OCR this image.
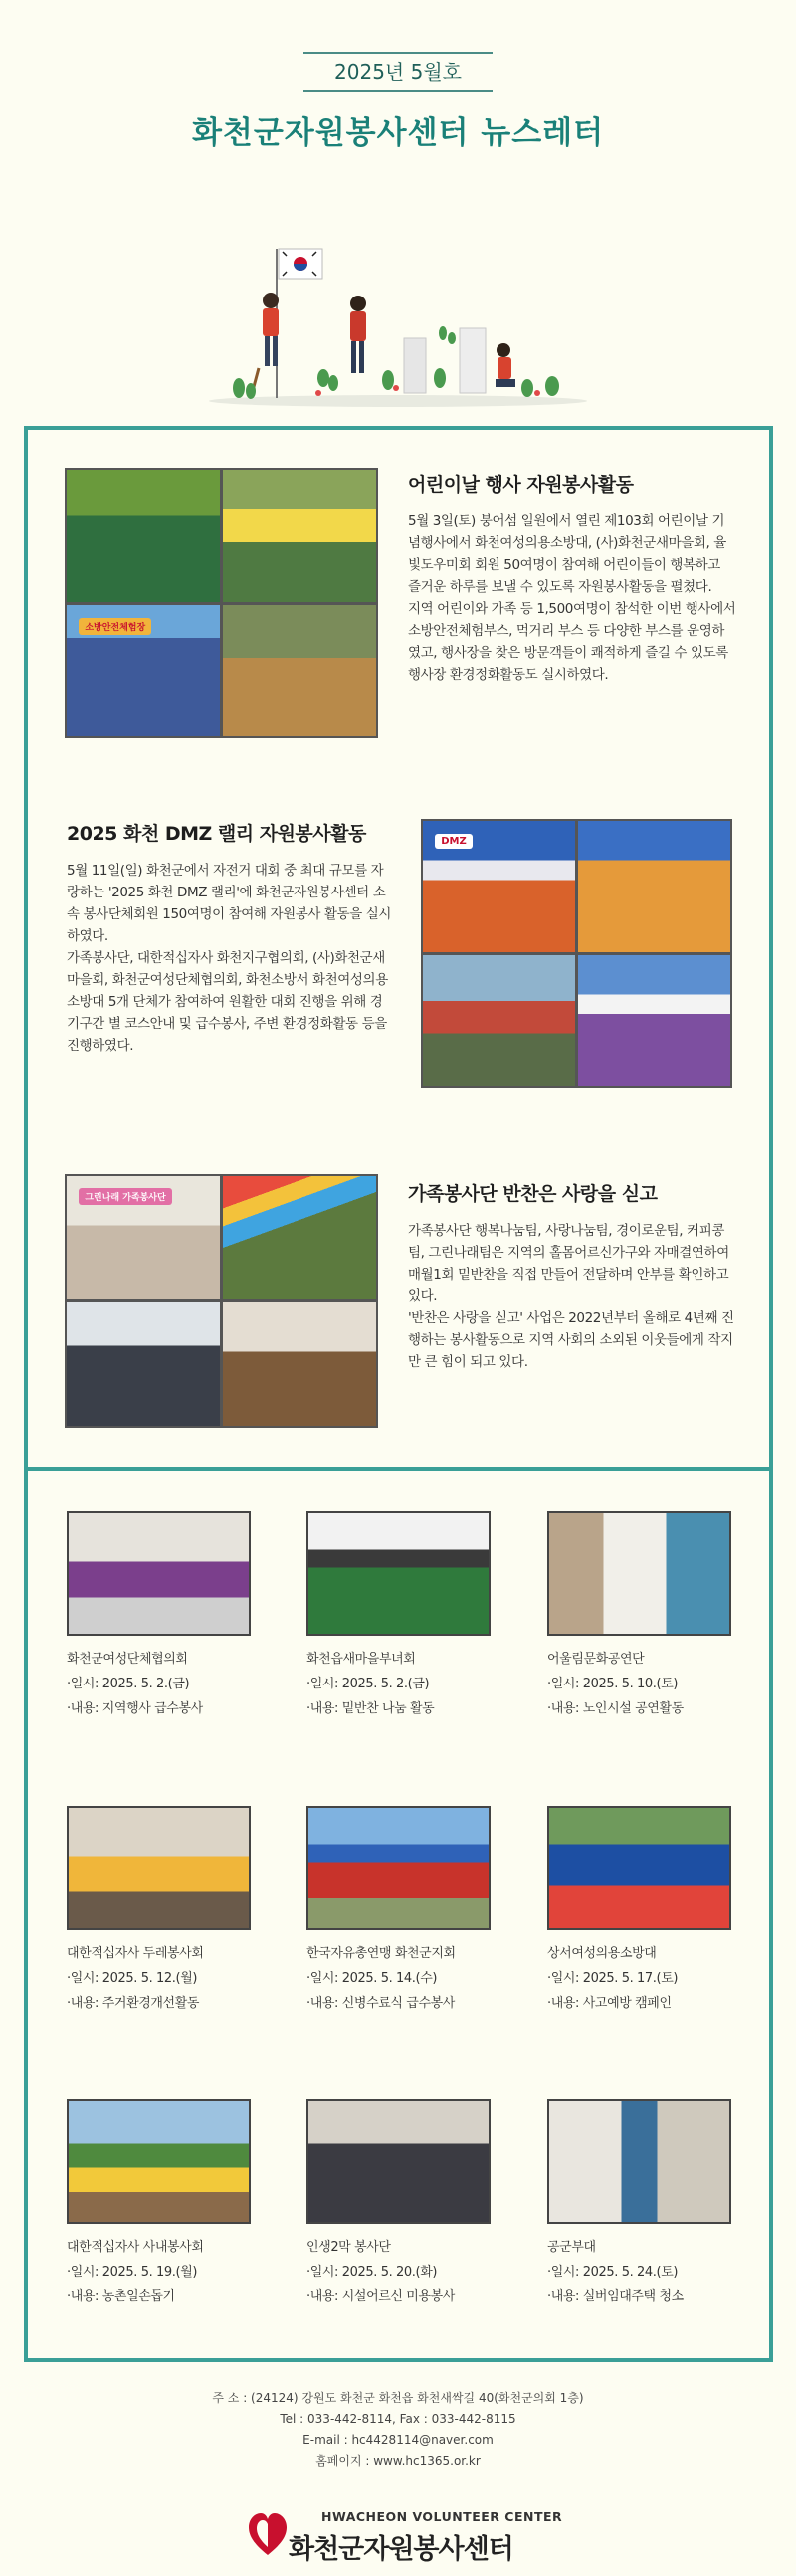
2025년 5월호
화천군자원봉사센터 뉴스레터
소방안전체험장
어린이날 행사 자원봉사활동

5월 3일(토) 붕어섬 일원에서 열린 제103회 어린이날 기념행사에서 화천여성의용소방대, (사)화천군새마을회, 율빛도우미회 회원 50여명이 참여해 어린이들이 행복하고 즐거운 하루를 보낼 수 있도록 자원봉사활동을 펼쳤다.

지역 어린이와 가족 등 1,500여명이 참석한 이번 행사에서 소방안전체험부스, 먹거리 부스 등 다양한 부스를 운영하였고, 행사장을 찾은 방문객들이 쾌적하게 즐길 수 있도록 행사장 환경정화활동도 실시하였다.

2025 화천 DMZ 랠리 자원봉사활동

5월 11일(일) 화천군에서 자전거 대회 중 최대 규모를 자랑하는 '2025 화천 DMZ 랠리'에 화천군자원봉사센터 소속 봉사단체회원 150여명이 참여해 자원봉사 활동을 실시하였다.

가족봉사단, 대한적십자사 화천지구협의회, (사)화천군새마을회, 화천군여성단체협의회, 화천소방서 화천여성의용소방대 5개 단체가 참여하여 원활한 대회 진행을 위해 경기구간 별 코스안내 및 급수봉사, 주변 환경정화활동 등을 진행하였다.

DMZ
그린나래 가족봉사단	가족봉사단 반찬은 사랑을 싣고

가족봉사단 행복나눔팀, 사랑나눔팀, 경이로운팀, 커피콩팀, 그린나래팀은 지역의 홀몸어르신가구와 자매결연하여 매월1회 밑반찬을 직접 만들어 전달하며 안부를 확인하고 있다.

'반찬은 사랑을 싣고' 사업은 2022년부터 올해로 4년째 진행하는 봉사활동으로 지역 사회의 소외된 이웃들에게 작지만 큰 힘이 되고 있다.

화천군여성단체협의회
·일시: 2025. 5. 2.(금)
·내용: 지역행사 급수봉사
화천읍새마을부녀회
·일시: 2025. 5. 2.(금)
·내용: 밑반찬 나눔 활동
어울림문화공연단
·일시: 2025. 5. 10.(토)
·내용: 노인시설 공연활동
대한적십자사 두레봉사회
·일시: 2025. 5. 12.(월)
·내용: 주거환경개선활동
한국자유총연맹 화천군지회
·일시: 2025. 5. 14.(수)
·내용: 신병수료식 급수봉사
상서여성의용소방대
·일시: 2025. 5. 17.(토)
·내용: 사고예방 캠페인
대한적십자사 사내봉사회
·일시: 2025. 5. 19.(월)
·내용: 농촌일손돕기
인생2막 봉사단
·일시: 2025. 5. 20.(화)
·내용: 시설어르신 미용봉사
공군부대
·일시: 2025. 5. 24.(토)
·내용: 실버임대주택 청소
주 소 : (24124) 강원도 화천군 화천읍 화천새싹길 40(화천군의회 1층)
Tel : 033-442-8114, Fax : 033-442-8115
E-mail : hc4428114@naver.com
홈페이지 : www.hc1365.or.kr
HWACHEON VOLUNTEER CENTER
화천군자원봉사센터
